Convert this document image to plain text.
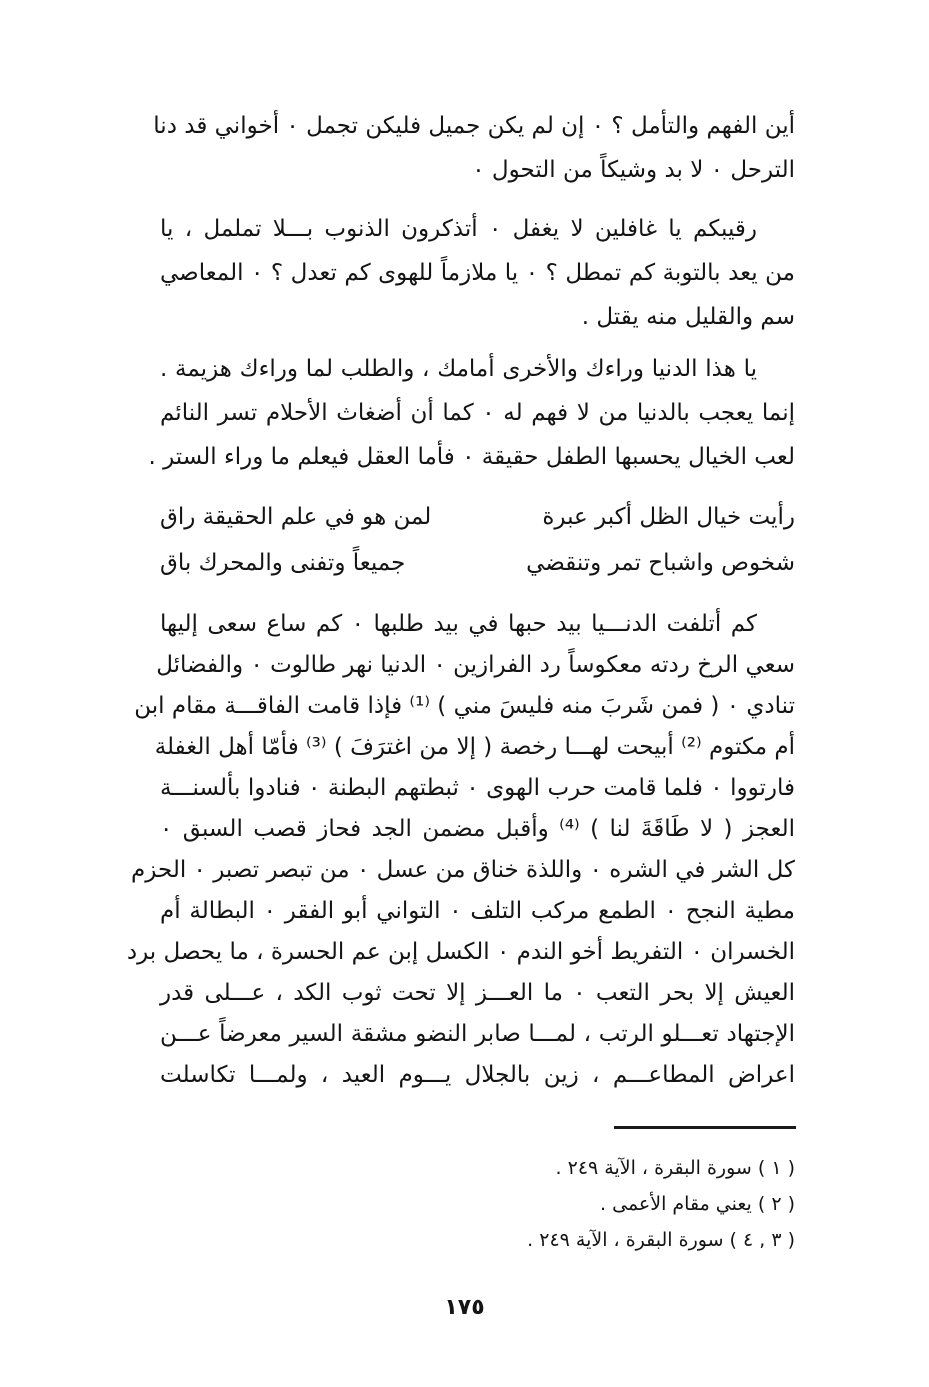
أين الفهم والتأمل ؟ ٠ إن لم يكن جميل فليكن تجمل ٠ أخواني قد دنا
الترحل ٠ لا بد وشيكاً من التحول ٠
رقيبكم يا غافلين لا يغفل ٠ أتذكرون الذنوب بـــلا تململ ، يا
من يعد بالتوبة كم تمطل ؟ ٠ يا ملازماً للهوى كم تعدل ؟ ٠ المعاصي
سم والقليل منه يقتل .
يا هذا الدنيا وراءك والأخرى أمامك ، والطلب لما وراءك هزيمة .
إنما يعجب بالدنيا من لا فهم له ٠ كما أن أضغاث الأحلام تسر النائم
لعب الخيال يحسبها الطفل حقيقة ٠ فأما العقل فيعلم ما وراء الستر .
رأيت خيال الظل أكبر عبرة
لمن هو في علم الحقيقة راق
شخوص واشباح تمر وتنقضي
جميعاً وتفنى والمحرك باق
كم أتلفت الدنـــيا بيد حبها في بيد طلبها ٠ كم ساع سعى إليها
سعي الرخ ردته معكوساً رد الفرازين ٠ الدنيا نهر طالوت ٠ والفضائل
تنادي ٠ ( فمن شَربَ منه فليسَ مني ) ⁽¹⁾ فإذا قامت الفاقـــة مقام ابن
أم مكتوم ⁽²⁾ أبيحت لهـــا رخصة ( إلا من اغترَفَ ) ⁽³⁾ فأمّا أهل الغفلة
فارتووا ٠ فلما قامت حرب الهوى ٠ ثبطتهم البطنة ٠ فنادوا بألسنـــة
العجز ( لا طَاقَةَ لنا ) ⁽⁴⁾ وأقبل مضمن الجد فحاز قصب السبق ٠
كل الشر في الشره ٠ واللذة خناق من عسل ٠ من تبصر تصبر ٠ الحزم
مطية النجح ٠ الطمع مركب التلف ٠ التواني أبو الفقر ٠ البطالة أم
الخسران ٠ التفريط أخو الندم ٠ الكسل إبن عم الحسرة ، ما يحصل برد
العيش إلا بحر التعب ٠ ما العـــز إلا تحت ثوب الكد ، عـــلى قدر
الإجتهاد تعـــلو الرتب ، لمـــا صابر النضو مشقة السير معرضاً عـــن
اعراض المطاعـــم ، زين بالجلال يـــوم العيد ، ولمـــا تكاسلت
( ١ ) سورة البقرة ، الآية ٢٤٩ .
( ٢ ) يعني مقام الأعمى .
( ٣ , ٤ ) سورة البقرة ، الآية ٢٤٩ .
١٧٥
